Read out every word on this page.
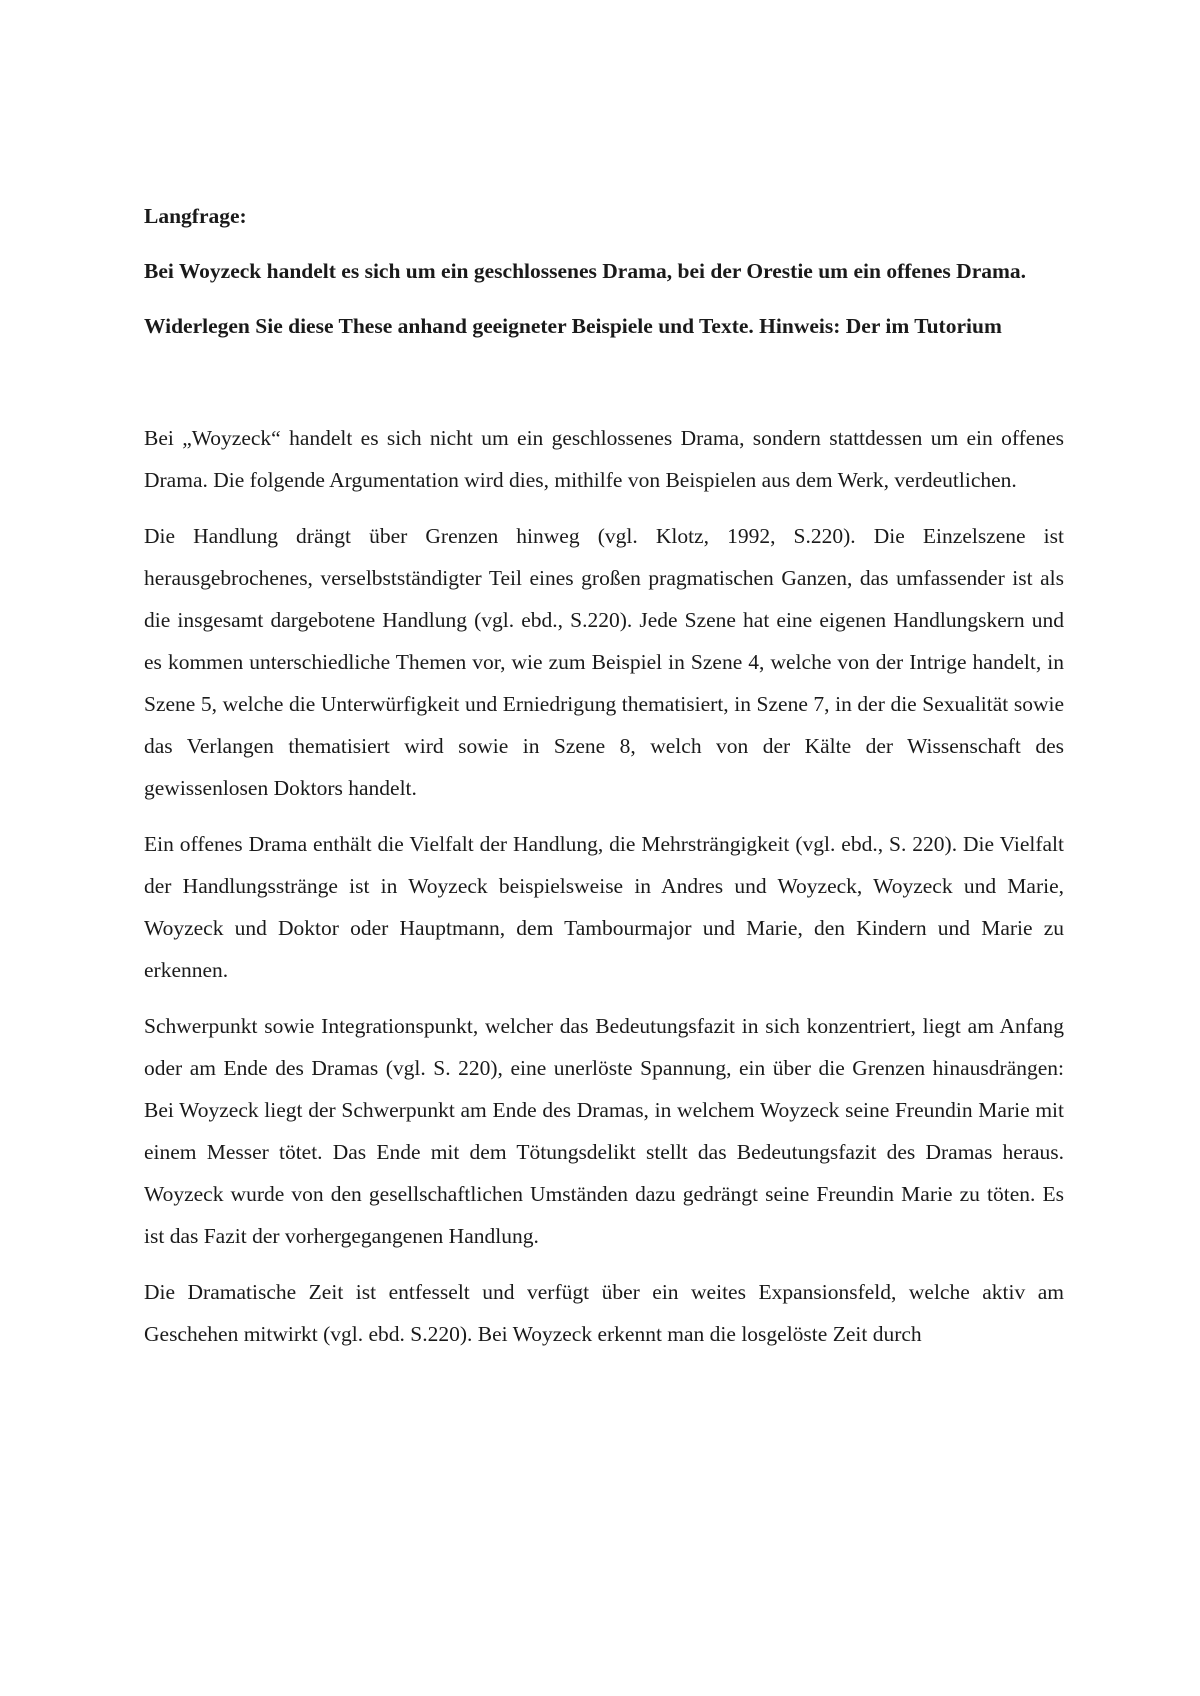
Langfrage:
Bei Woyzeck handelt es sich um ein geschlossenes Drama, bei der Orestie um ein offenes Drama.
Widerlegen Sie diese These anhand geeigneter Beispiele und Texte. Hinweis: Der im Tutorium

Bei „Woyzeck“ handelt es sich nicht um ein geschlossenes Drama, sondern stattdessen um ein offenes Drama. Die folgende Argumentation wird dies, mithilfe von Beispielen aus dem Werk, verdeutlichen.

Die Handlung drängt über Grenzen hinweg (vgl. Klotz, 1992, S.220). Die Einzelszene ist herausgebrochenes, verselbstständigter Teil eines großen pragmatischen Ganzen, das umfassender ist als die insgesamt dargebotene Handlung (vgl. ebd., S.220). Jede Szene hat eine eigenen Handlungskern und es kommen unterschiedliche Themen vor, wie zum Beispiel in Szene 4, welche von der Intrige handelt, in Szene 5, welche die Unterwürfigkeit und Erniedrigung thematisiert, in Szene 7, in der die Sexualität sowie das Verlangen thematisiert wird sowie in Szene 8, welch von der Kälte der Wissenschaft des gewissenlosen Doktors handelt.

Ein offenes Drama enthält die Vielfalt der Handlung, die Mehrsträngigkeit (vgl. ebd., S. 220). Die Vielfalt der Handlungsstränge ist in Woyzeck beispielsweise in Andres und Woyzeck, Woyzeck und Marie, Woyzeck und Doktor oder Hauptmann, dem Tambourmajor und Marie, den Kindern und Marie zu erkennen.

Schwerpunkt sowie Integrationspunkt, welcher das Bedeutungsfazit in sich konzentriert, liegt am Anfang oder am Ende des Dramas (vgl. S. 220), eine unerlöste Spannung, ein über die Grenzen hinausdrängen: Bei Woyzeck liegt der Schwerpunkt am Ende des Dramas, in welchem Woyzeck seine Freundin Marie mit einem Messer tötet. Das Ende mit dem Tötungsdelikt stellt das Bedeutungsfazit des Dramas heraus. Woyzeck wurde von den gesellschaftlichen Umständen dazu gedrängt seine Freundin Marie zu töten. Es ist das Fazit der vorhergegangenen Handlung.

Die Dramatische Zeit ist entfesselt und verfügt über ein weites Expansionsfeld, welche aktiv am Geschehen mitwirkt (vgl. ebd. S.220). Bei Woyzeck erkennt man die losgelöste Zeit durch
